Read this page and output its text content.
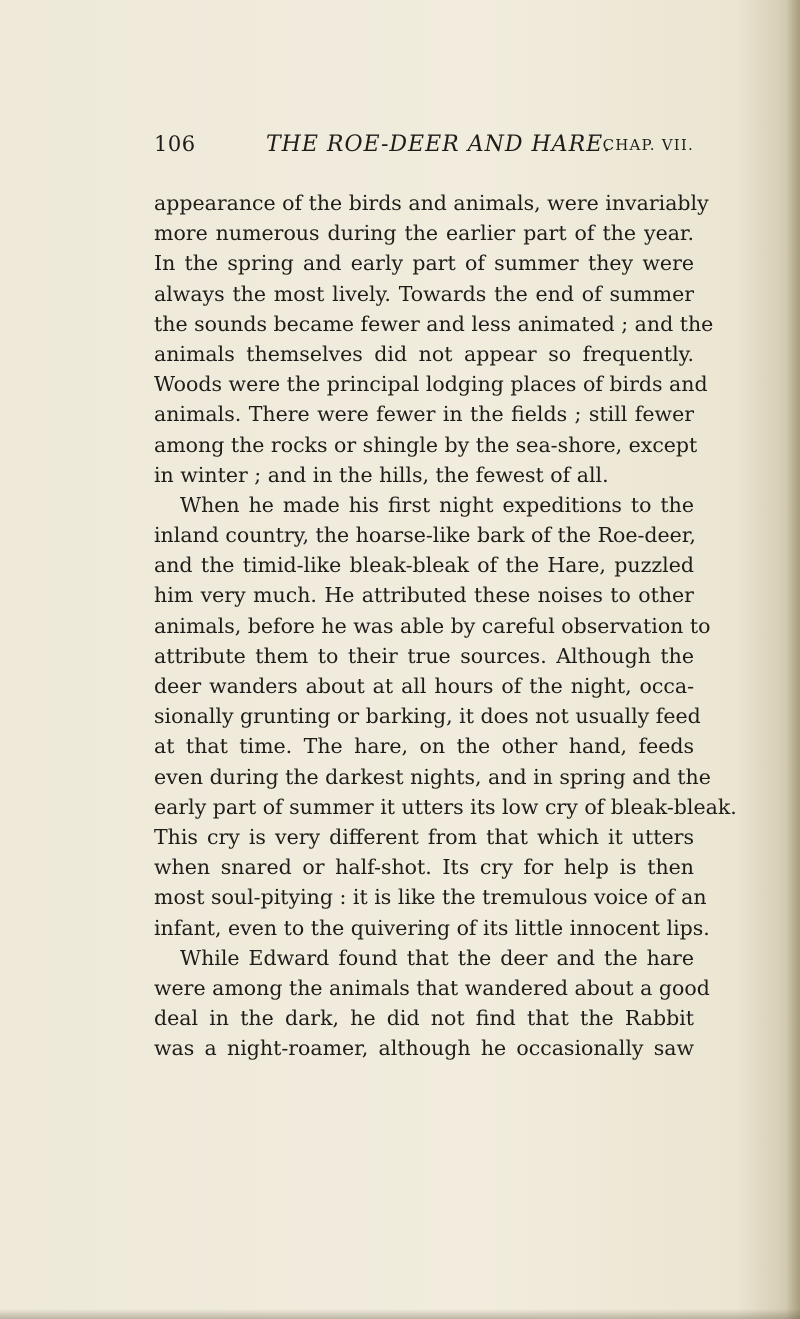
106	THE ROE-DEER AND HARE.
CHAP. VII.
appearance of the birds and animals, were invariably
more numerous during the earlier part of the year.
In the spring and early part of summer they were
always the most lively. Towards the end of summer
the sounds became fewer and less animated ; and the
animals themselves did not appear so frequently.
Woods were the principal lodging places of birds and
animals. There were fewer in the fields ; still fewer
among the rocks or shingle by the sea-shore, except
in winter ; and in the hills, the fewest of all.
When he made his first night expeditions to the
inland country, the hoarse-like bark of the Roe-deer,
and the timid-like bleak-bleak of the Hare, puzzled
him very much. He attributed these noises to other
animals, before he was able by careful observation to
attribute them to their true sources. Although the
deer wanders about at all hours of the night, occa-
sionally grunting or barking, it does not usually feed
at that time. The hare, on the other hand, feeds
even during the darkest nights, and in spring and the
early part of summer it utters its low cry of bleak-bleak.
This cry is very different from that which it utters
when snared or half-shot. Its cry for help is then
most soul-pitying : it is like the tremulous voice of an
infant, even to the quivering of its little innocent lips.
While Edward found that the deer and the hare
were among the animals that wandered about a good
deal in the dark, he did not find that the Rabbit
was a night-roamer, although he occasionally saw
